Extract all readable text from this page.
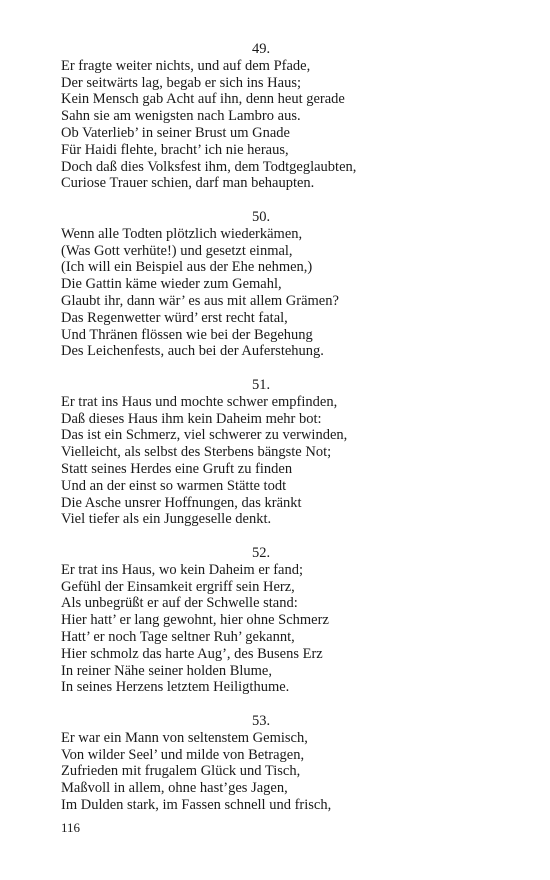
49.
Er fragte weiter nichts, und auf dem Pfade,
Der seitwärts lag, begab er sich ins Haus;
Kein Mensch gab Acht auf ihn, denn heut gerade
Sahn sie am wenigsten nach Lambro aus.
Ob Vaterlieb’ in seiner Brust um Gnade
Für Haidi flehte, bracht’ ich nie heraus,
Doch daß dies Volksfest ihm, dem Todtgeglaubten,
Curiose Trauer schien, darf man behaupten.
50.
Wenn alle Todten plötzlich wiederkämen,
(Was Gott verhüte!) und gesetzt einmal,
(Ich will ein Beispiel aus der Ehe nehmen,)
Die Gattin käme wieder zum Gemahl,
Glaubt ihr, dann wär’ es aus mit allem Grämen?
Das Regenwetter würd’ erst recht fatal,
Und Thränen flössen wie bei der Begehung
Des Leichenfests, auch bei der Auferstehung.
51.
Er trat ins Haus und mochte schwer empfinden,
Daß dieses Haus ihm kein Daheim mehr bot:
Das ist ein Schmerz, viel schwerer zu verwinden,
Vielleicht, als selbst des Sterbens bängste Not;
Statt seines Herdes eine Gruft zu finden
Und an der einst so warmen Stätte todt
Die Asche unsrer Hoffnungen, das kränkt
Viel tiefer als ein Junggeselle denkt.
52.
Er trat ins Haus, wo kein Daheim er fand;
Gefühl der Einsamkeit ergriff sein Herz,
Als unbegrüßt er auf der Schwelle stand:
Hier hatt’ er lang gewohnt, hier ohne Schmerz
Hatt’ er noch Tage seltner Ruh’ gekannt,
Hier schmolz das harte Aug’, des Busens Erz
In reiner Nähe seiner holden Blume,
In seines Herzens letztem Heiligthume.
53.
Er war ein Mann von seltenstem Gemisch,
Von wilder Seel’ und milde von Betragen,
Zufrieden mit frugalem Glück und Tisch,
Maßvoll in allem, ohne hast’ges Jagen,
Im Dulden stark, im Fassen schnell und frisch,
116
